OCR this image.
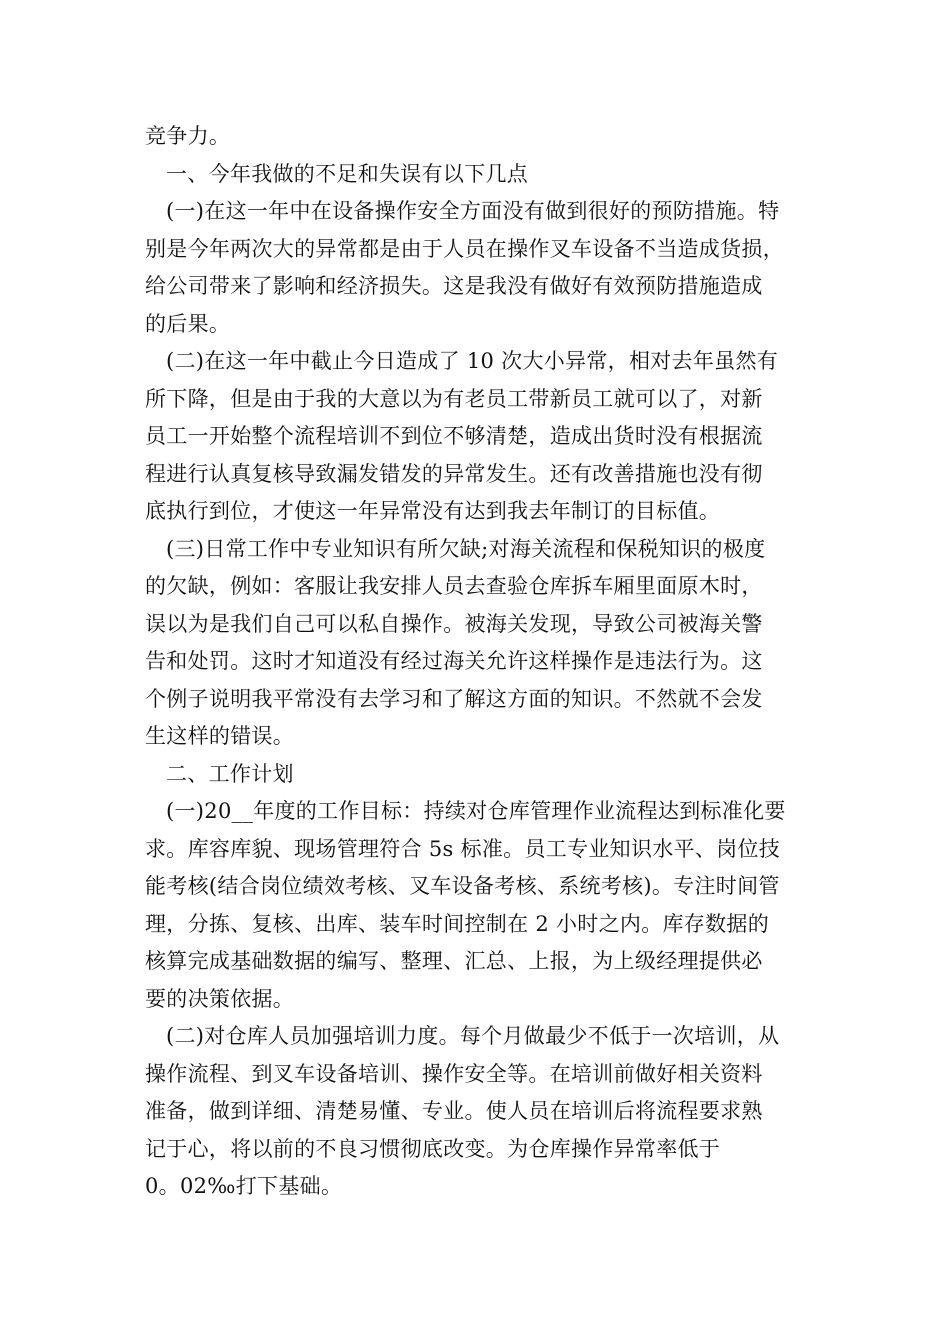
竞争力。
一、今年我做的不足和失误有以下几点
(一)在这一年中在设备操作安全方面没有做到很好的预防措施。特
别是今年两次大的异常都是由于人员在操作叉车设备不当造成货损，
给公司带来了影响和经济损失。这是我没有做好有效预防措施造成
的后果。
(二)在这一年中截止今日造成了 10 次大小异常，相对去年虽然有
所下降，但是由于我的大意以为有老员工带新员工就可以了，对新
员工一开始整个流程培训不到位不够清楚，造成出货时没有根据流
程进行认真复核导致漏发错发的异常发生。还有改善措施也没有彻
底执行到位，才使这一年异常没有达到我去年制订的目标值。
(三)日常工作中专业知识有所欠缺;对海关流程和保税知识的极度
的欠缺，例如：客服让我安排人员去查验仓库拆车厢里面原木时，
误以为是我们自己可以私自操作。被海关发现，导致公司被海关警
告和处罚。这时才知道没有经过海关允许这样操作是违法行为。这
个例子说明我平常没有去学习和了解这方面的知识。不然就不会发
生这样的错误。
二、工作计划
(一)20__年度的工作目标：持续对仓库管理作业流程达到标准化要
求。库容库貌、现场管理符合 5s 标准。员工专业知识水平、岗位技
能考核(结合岗位绩效考核、叉车设备考核、系统考核)。专注时间管
理，分拣、复核、出库、装车时间控制在 2 小时之内。库存数据的
核算完成基础数据的编写、整理、汇总、上报，为上级经理提供必
要的决策依据。
(二)对仓库人员加强培训力度。每个月做最少不低于一次培训，从
操作流程、到叉车设备培训、操作安全等。在培训前做好相关资料
准备，做到详细、清楚易懂、专业。使人员在培训后将流程要求熟
记于心，将以前的不良习惯彻底改变。为仓库操作异常率低于
0。02‰打下基础。
